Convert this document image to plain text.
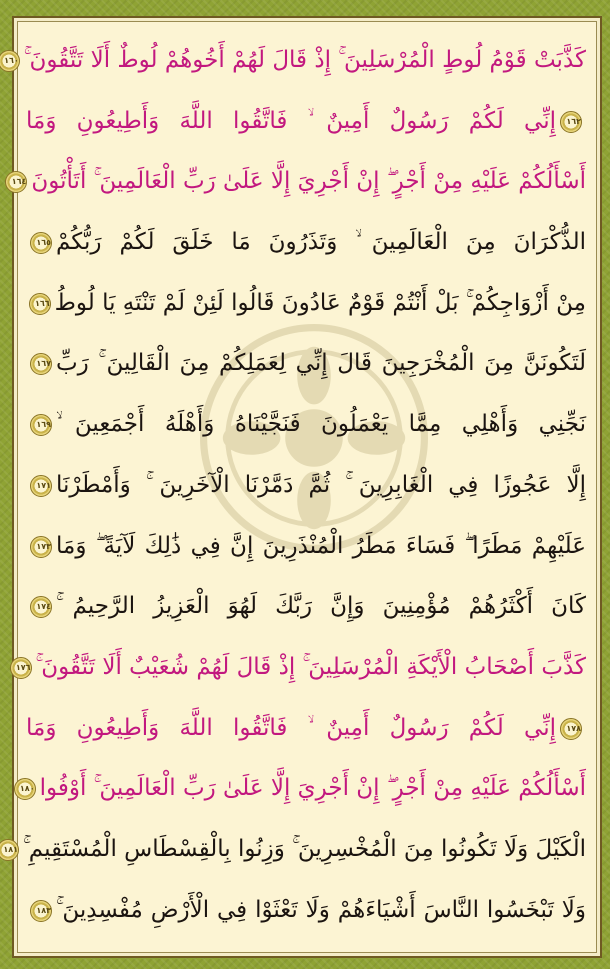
كَذَّبَتْ قَوْمُ لُوطٍ الْمُرْسَلِينَ ۚ إِذْ قَالَ لَهُمْ أَخُوهُمْ لُوطٌ أَلَا تَتَّقُونَ ۚ١٦٠
١٦٢إِنِّي لَكُمْ رَسُولٌ أَمِينٌ ۙ فَاتَّقُوا اللَّهَ وَأَطِيعُونِ وَمَا
أَسْأَلُكُمْ عَلَيْهِ مِنْ أَجْرٍ ۖ إِنْ أَجْرِيَ إِلَّا عَلَىٰ رَبِّ الْعَالَمِينَ ۚ أَتَأْتُونَ١٦٤
الذُّكْرَانَ مِنَ الْعَالَمِينَ ۙ وَتَذَرُونَ مَا خَلَقَ لَكُمْ رَبُّكُمْ١٦٥
مِنْ أَزْوَاجِكُمْ ۚ بَلْ أَنْتُمْ قَوْمٌ عَادُونَ قَالُوا لَئِنْ لَمْ تَنْتَهِ يَا لُوطُ١٦٦
لَتَكُونَنَّ مِنَ الْمُخْرَجِينَ قَالَ إِنِّي لِعَمَلِكُمْ مِنَ الْقَالِينَ ۚ رَبِّ١٦٧
نَجِّنِي وَأَهْلِي مِمَّا يَعْمَلُونَ فَنَجَّيْنَاهُ وَأَهْلَهُ أَجْمَعِينَ ۙ١٦٩
إِلَّا عَجُوزًا فِي الْغَابِرِينَ ۚ ثُمَّ دَمَّرْنَا الْآخَرِينَ ۚ وَأَمْطَرْنَا١٧١
عَلَيْهِمْ مَطَرًا ۖ فَسَاءَ مَطَرُ الْمُنْذَرِينَ إِنَّ فِي ذَٰلِكَ لَآيَةً ۖ وَمَا١٧٣
كَانَ أَكْثَرُهُمْ مُؤْمِنِينَ وَإِنَّ رَبَّكَ لَهُوَ الْعَزِيزُ الرَّحِيمُ ۚ١٧٤
كَذَّبَ أَصْحَابُ الْأَيْكَةِ الْمُرْسَلِينَ ۚ إِذْ قَالَ لَهُمْ شُعَيْبٌ أَلَا تَتَّقُونَ ۚ١٧٦
١٧٨إِنِّي لَكُمْ رَسُولٌ أَمِينٌ ۙ فَاتَّقُوا اللَّهَ وَأَطِيعُونِ وَمَا
أَسْأَلُكُمْ عَلَيْهِ مِنْ أَجْرٍ ۖ إِنْ أَجْرِيَ إِلَّا عَلَىٰ رَبِّ الْعَالَمِينَ ۚ أَوْفُوا١٨٠
الْكَيْلَ وَلَا تَكُونُوا مِنَ الْمُخْسِرِينَ ۚ وَزِنُوا بِالْقِسْطَاسِ الْمُسْتَقِيمِ ۚ١٨١
وَلَا تَبْخَسُوا النَّاسَ أَشْيَاءَهُمْ وَلَا تَعْثَوْا فِي الْأَرْضِ مُفْسِدِينَ ۚ١٨٣
